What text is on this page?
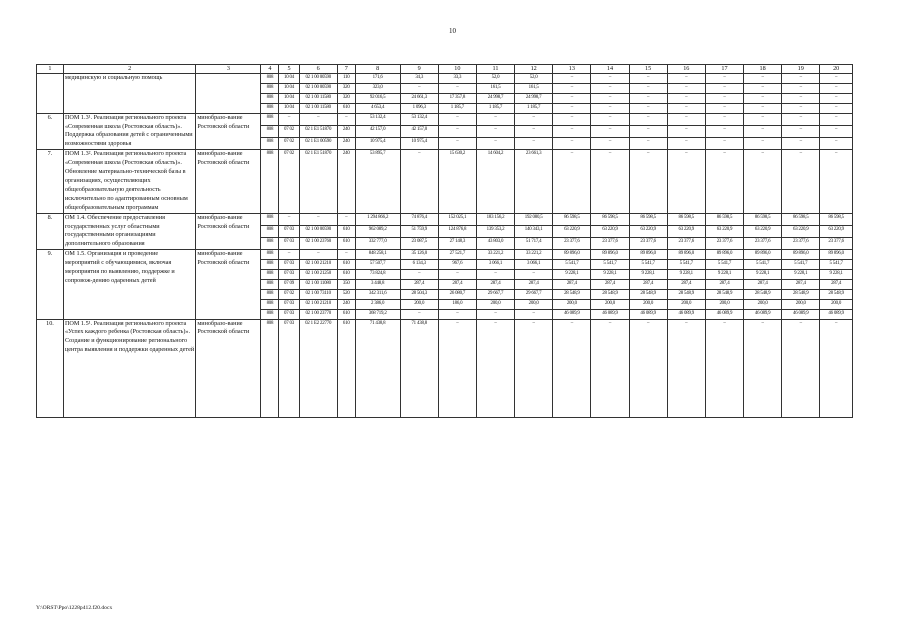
10
1	2	3	4	5	6	7	8	9	10	11	12	13	14	15	16	17	18	19	20
	медицинскую и социальную помощь		808	10 04	02 1 00 00590	110	171,6	34,3	33,3	52,0	52,0	–	–	–	–	–	–	–	–
			808	10 04	02 1 00 00590	320	323,0	–	–	161,5	161,5	–	–	–	–	–	–	–	–
			808	10 04	02 1 00 11580	320	92 016,5	24 661,3	17 357,8	24 998,7	24 998,7	–	–	–	–	–	–	–	–
			808	10 04	02 1 00 11580	610	4 653,4	1 096,3	1 185,7	1 185,7	1 185,7	–	–	–	–	–	–	–	–
6.	ПОМ 1.3¹. Реализация регионального проекта «Современная школа (Ростовская область)». Поддержка образования детей с ограниченными возможностями здоровья	минобразо-вание Ростовской области	808	–	–	–	53 132,4	53 132,4	–	–	–	–	–	–	–	–	–	–	–
			808	07 02	02 1 E1 51870	240	42 157,0	42 157,0	–	–	–	–	–	–	–	–	–	–	–
			808	07 02	02 1 E1 00590	240	10 975,4	10 975,4	–	–	–	–	–	–	–	–	–	–	–
7.	ПОМ 1.3². Реализация регионального проекта «Современная школа (Ростовская область)». Обновление материально-технической базы в организациях, осуществляющих общеобразовательную деятельность исключительно по адаптированным основным общеобразовательным программам	минобразо-вание Ростовской области	808	07 02	02 1 E1 51870	240	53 895,7	–	15 630,2	14 604,2	23 661,3	–	–	–	–	–	–	–	–
8.	ОМ 1.4. Обеспечение предоставления государственных услуг областными государственными организациями дополнительного образования	минобразо-вание Ростовской области	808	–	–	–	1 294 866,2	74 876,4	152 025,1	183 156,2	192 080,5	86 598,5	86 598,5	86 598,5	86 598,5	86 598,5	86 598,5	86 598,5	86 598,5
			808	07 03	02 1 00 00590	610	962 089,2	51 759,9	124 876,8	139 353,2	140 343,1	63 220,9	63 220,9	63 220,9	63 220,9	63 220,9	63 220,9	63 220,9	63 220,9
			808	07 03	02 1 00 23760	610	332 777,0	23 087,5	27 148,3	43 803,0	51 717,4	23 377,6	23 377,6	23 377,6	23 377,6	23 377,6	23 377,6	23 377,6	23 377,6
9.	ОМ 1.5. Организация и проведение мероприятий с обучающимися, включая мероприятия по выявлению, поддержке и сопровож-дению одаренных детей	минобразо-вание Ростовской области	808	–	–	–	848 258,1	35 126,0	27 521,7	33 221,2	33 221,2	89 896,0	89 896,0	89 896,0	89 896,0	89 896,0	89 896,0	89 896,0	89 896,0
			808	07 03	02 1 00 21210	610	57 507,7	6 134,3	967,6	3 066,1	3 066,1	5 541,7	5 541,7	5 541,7	5 541,7	5 541,7	5 541,7	5 541,7	5 541,7
			808	07 03	02 1 00 21250	610	73 824,8	–	–	–	–	9 228,1	9 228,1	9 228,1	9 228,1	9 228,1	9 228,1	9 228,1	9 228,1
			808	07 09	02 1 00 11080	350	3 448,8	287,4	287,4	287,4	287,4	287,4	287,4	287,4	287,4	287,4	287,4	287,4	287,4
			808	07 02	02 1 00 73110	520	342 311,6	28 504,3	26 080,7	29 667,7	29 667,7	28 548,9	28 548,9	28 548,9	28 548,9	28 548,9	28 548,9	28 548,9	28 548,9
			808	07 03	02 1 00 21210	240	2 386,0	200,0	186,0	200,0	200,0	200,0	200,0	200,0	200,0	200,0	200,0	200,0	200,0
			808	07 03	02 1 00 23770	610	368 719,2	–	–	–	–	46 089,9	46 089,9	46 089,9	46 089,9	46 089,9	46 089,9	46 089,9	46 089,9
10.	ПОМ 1.5¹. Реализация регионального проекта «Успех каждого ребенка (Ростовская область)». Создание и функционирование регионального центра выявления и поддержки одаренных детей	минобразо-вание Ростовской области	808	07 03	02 1 E2 22770	610	71 438,8	71 438,8	–	–	–	–	–	–	–	–	–	–	–
Y:\ORST\Ppo\1228p412.f20.docx
